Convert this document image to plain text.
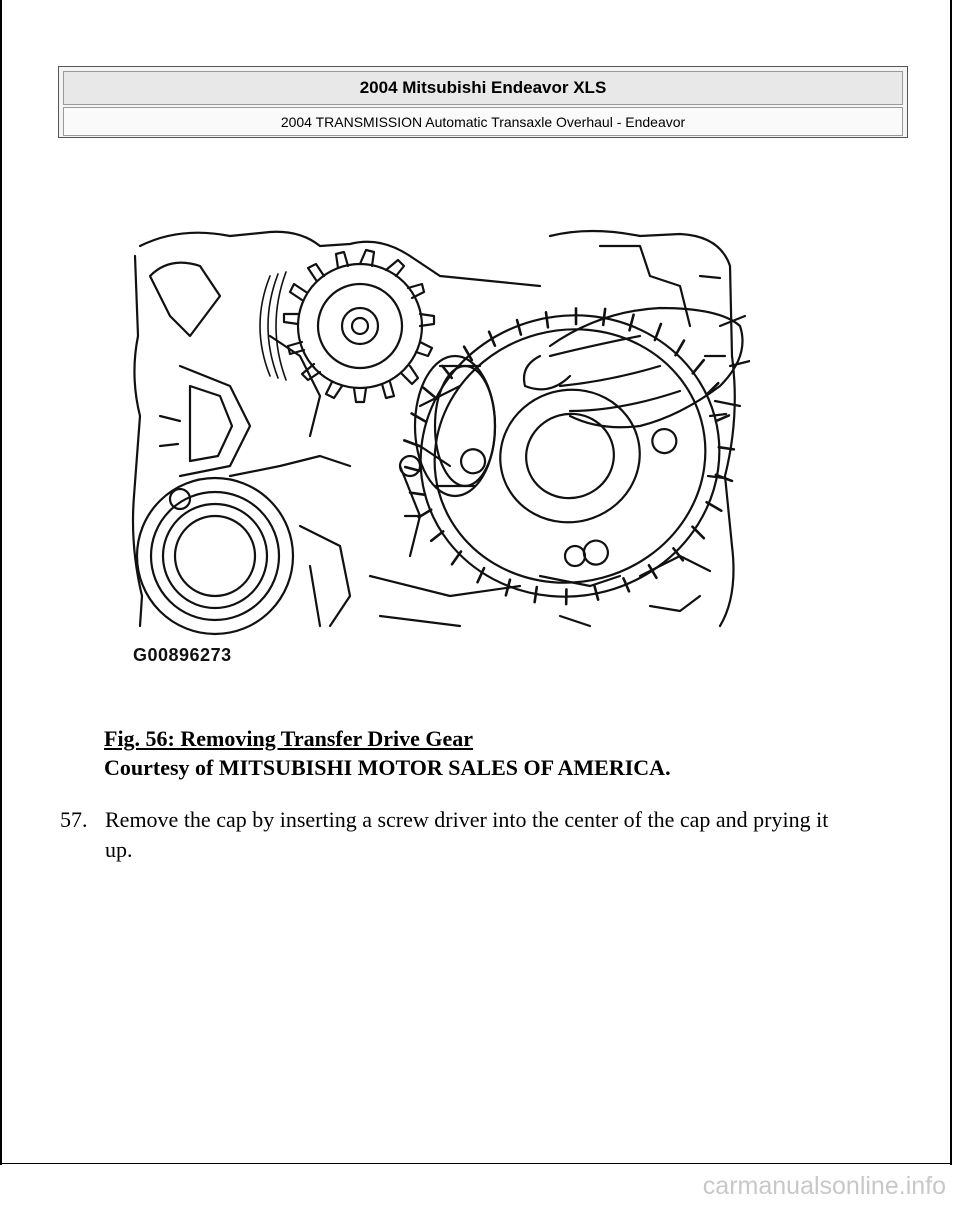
2004 Mitsubishi Endeavor XLS
2004 TRANSMISSION Automatic Transaxle Overhaul - Endeavor
G00896273
Fig. 56: Removing Transfer Drive Gear
Courtesy of MITSUBISHI MOTOR SALES OF AMERICA.
57. Remove the cap by inserting a screw driver into the center of the cap and prying it up.
carmanualsonline.info
